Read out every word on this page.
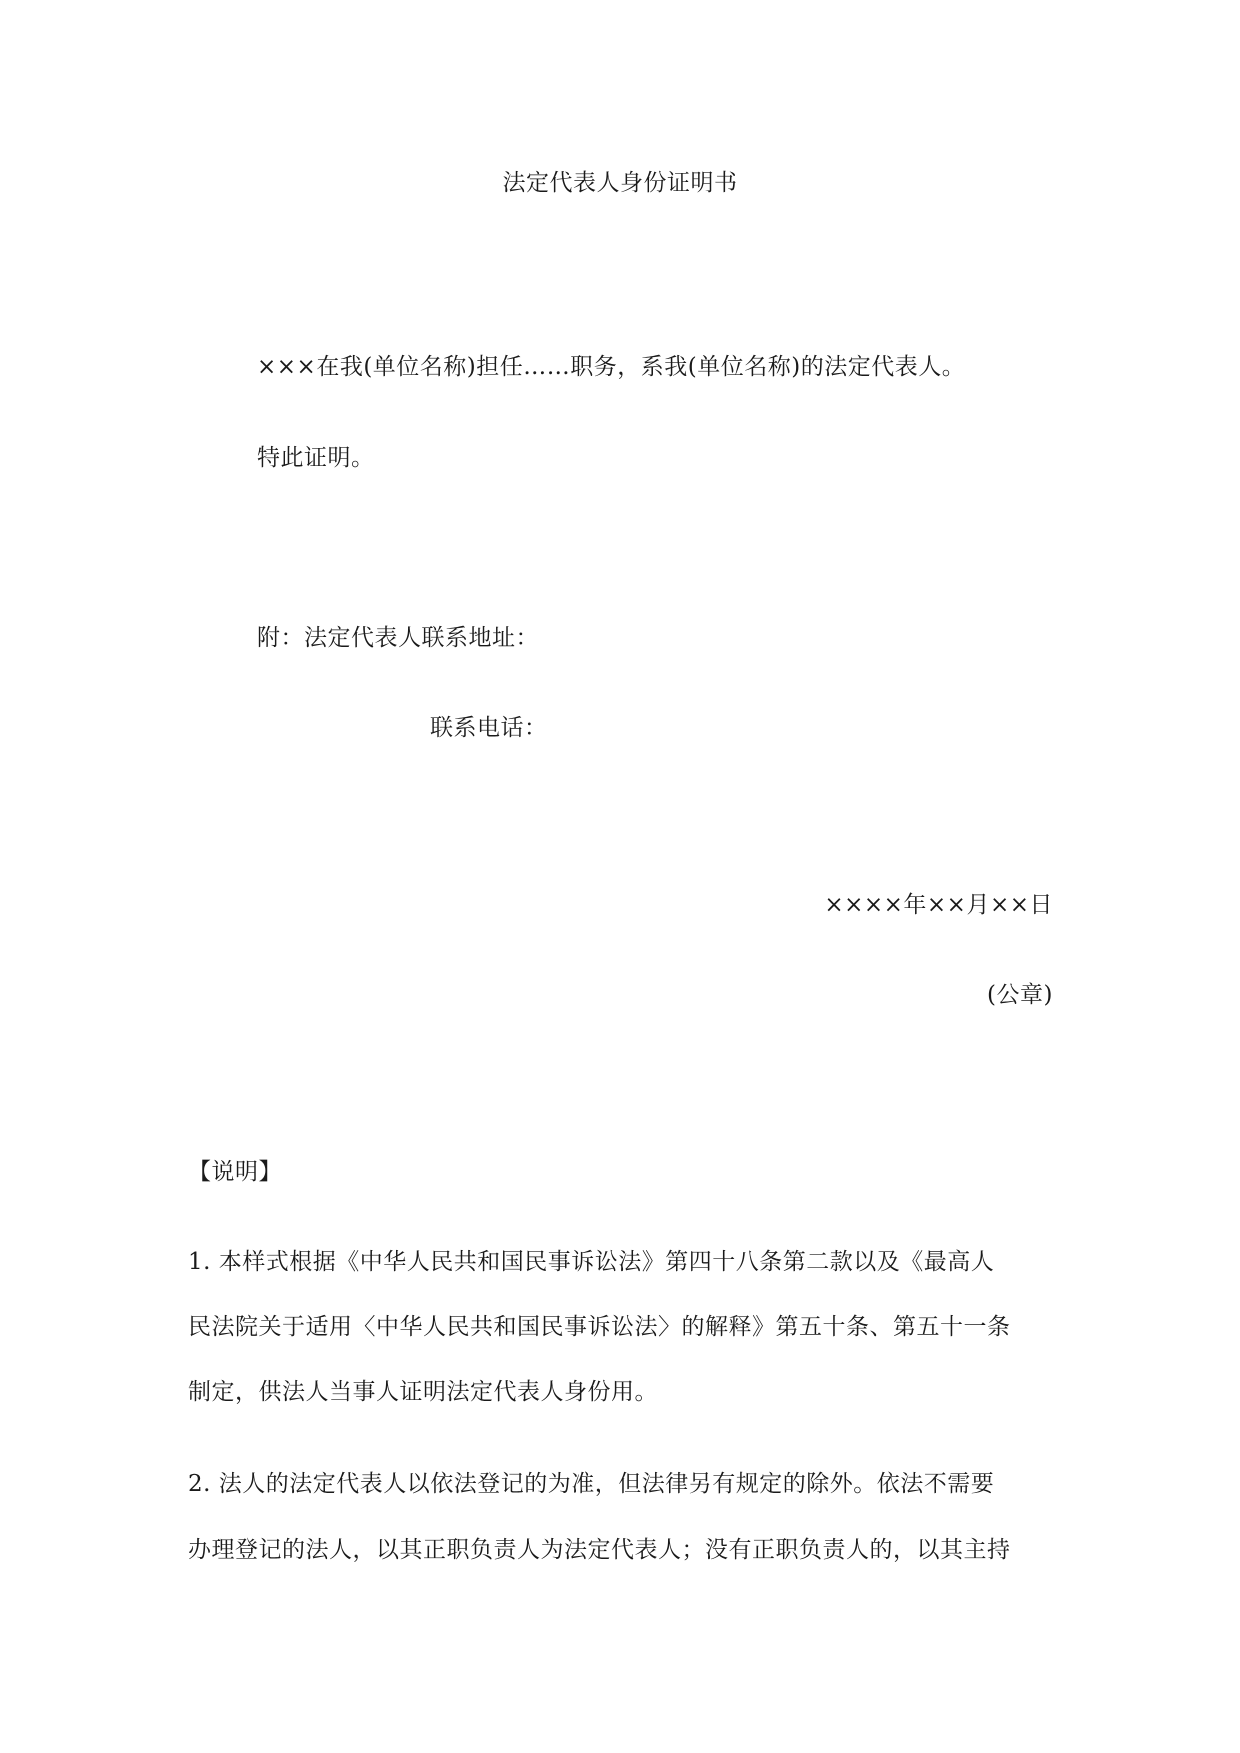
法定代表人身份证明书
×××在我(单位名称)担任……职务，系我(单位名称)的法定代表人。
特此证明。
附：法定代表人联系地址：
联系电话：
××××年××月××日
(公章)
【说明】
1. 本样式根据《中华人民共和国民事诉讼法》第四十八条第二款以及《最高人
民法院关于适用〈中华人民共和国民事诉讼法〉的解释》第五十条、第五十一条
制定，供法人当事人证明法定代表人身份用。
2. 法人的法定代表人以依法登记的为准，但法律另有规定的除外。依法不需要
办理登记的法人，以其正职负责人为法定代表人；没有正职负责人的，以其主持
